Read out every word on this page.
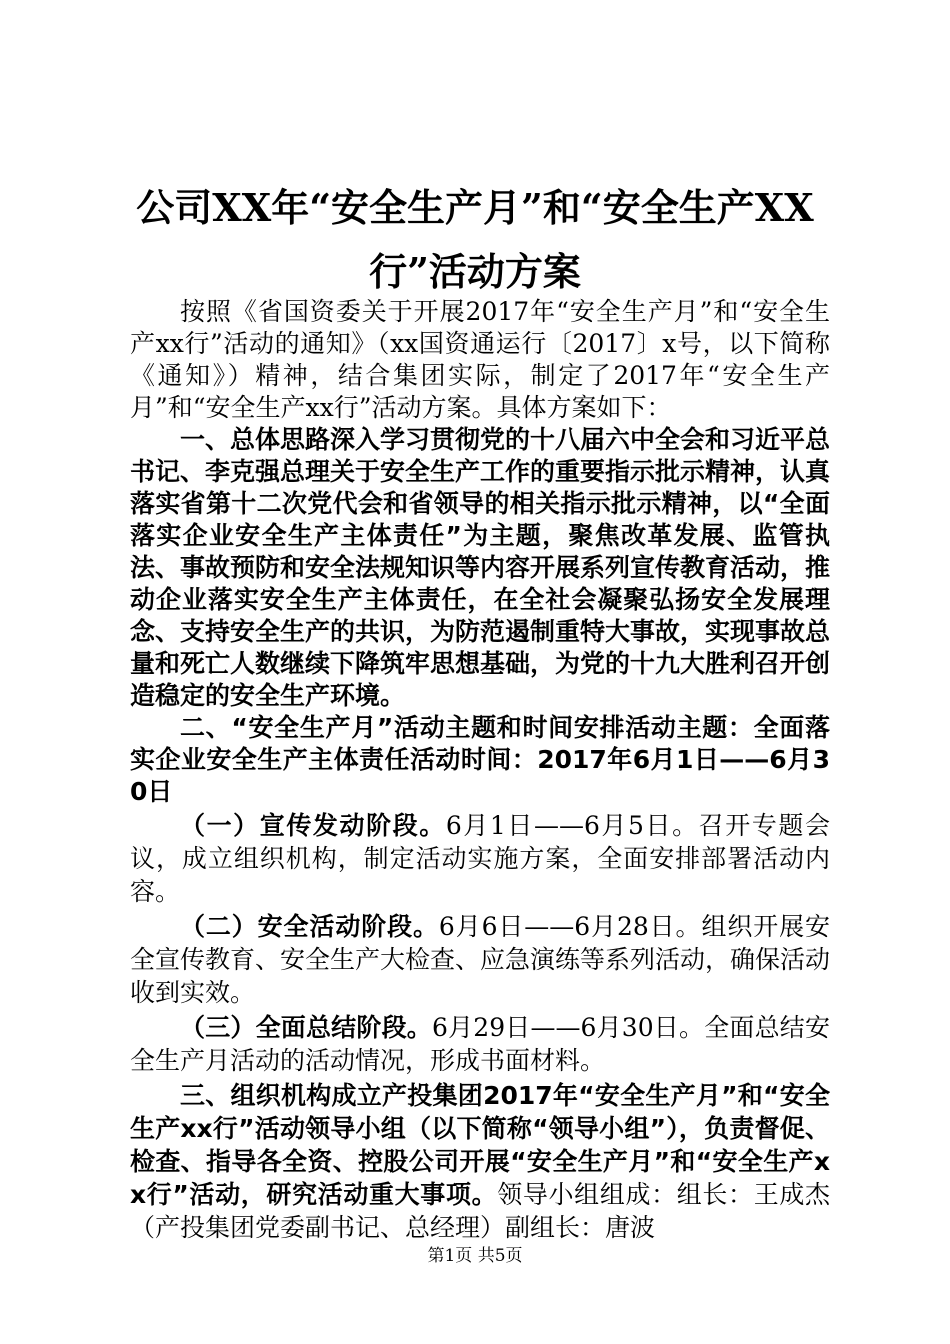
公司XX年“安全生产月”和“安全生产XX行”活动方案

按照《省国资委关于开展2017年“安全生产月”和“安全生产xx行”活动的通知》（xx国资通运行〔2017〕x号，以下简称《通知》）精神，结合集团实际，制定了2017年“安全生产月”和“安全生产xx行”活动方案。具体方案如下：

一、总体思路深入学习贯彻党的十八届六中全会和习近平总书记、李克强总理关于安全生产工作的重要指示批示精神，认真落实省第十二次党代会和省领导的相关指示批示精神，以“全面落实企业安全生产主体责任”为主题，聚焦改革发展、监管执法、事故预防和安全法规知识等内容开展系列宣传教育活动，推动企业落实安全生产主体责任，在全社会凝聚弘扬安全发展理念、支持安全生产的共识，为防范遏制重特大事故，实现事故总量和死亡人数继续下降筑牢思想基础，为党的十九大胜利召开创造稳定的安全生产环境。

二、“安全生产月”活动主题和时间安排活动主题：全面落实企业安全生产主体责任活动时间：2017年6月1日——6月30日

（一）宣传发动阶段。6月1日——6月5日。召开专题会议，成立组织机构，制定活动实施方案，全面安排部署活动内容。

（二）安全活动阶段。6月6日——6月28日。组织开展安全宣传教育、安全生产大检查、应急演练等系列活动，确保活动收到实效。

（三）全面总结阶段。6月29日——6月30日。全面总结安全生产月活动的活动情况，形成书面材料。

三、组织机构成立产投集团2017年“安全生产月”和“安全生产xx行”活动领导小组（以下简称“领导小组”），负责督促、检查、指导各全资、控股公司开展“安全生产月”和“安全生产xx行”活动，研究活动重大事项。领导小组组成：组长：王成杰（产投集团党委副书记、总经理）副组长：唐波

第1页 共5页
